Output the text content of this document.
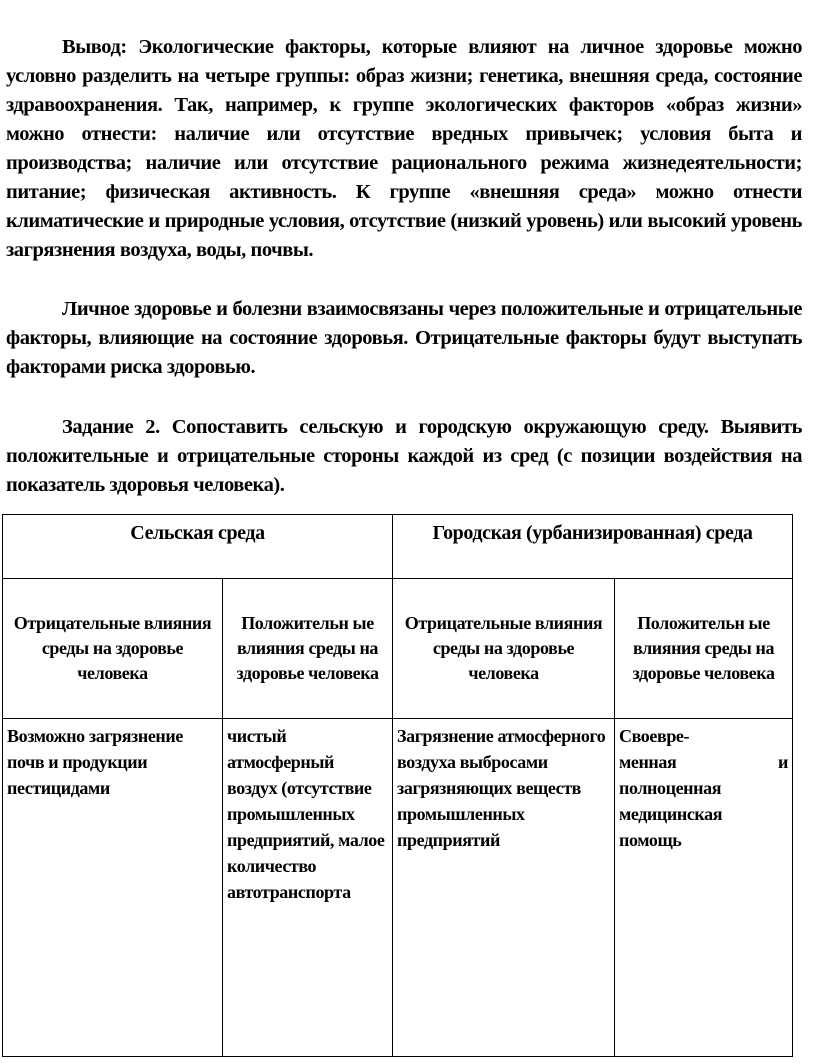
Вывод: Экологические факторы, которые влияют на личное здоровье можно условно разделить на четыре группы: образ жизни; генетика, внешняя среда, состояние здравоохранения. Так, например, к группе экологических факторов «образ жизни» можно отнести: наличие или отсутствие вредных привычек; условия быта и производства; наличие или отсутствие рационального режима жизнедеятельности; питание; физическая активность. К группе «внешняя среда» можно отнести климатические и природные условия, отсутствие (низкий уровень) или высокий уровень загрязнения воздуха, воды, почвы.

Личное здоровье и болезни взаимосвязаны через положительные и отрицательные факторы, влияющие на состояние здоровья. Отрицательные факторы будут выступать факторами риска здоровью.

Задание 2. Сопоставить сельскую и городскую окружающую среду. Выявить положительные и отрицательные стороны каждой из сред (с позиции воздействия на показатель здоровья человека).

Сельская среда		Городская (урбанизированная) среда	
Отрицательные влияния среды на здоровье человека	Положительн ые влияния среды на здоровье человека	Отрицательные влияния среды на здоровье человека	Положительн ые влияния среды на здоровье человека
Возможно загрязнение почв и продукции пестицидами	чистый атмосферный воздух (отсутствие промышленных предприятий, малое количество автотранспорта	Загрязнение атмосферного воздуха выбросами загрязняющих веществ промышленных предприятий	Своевре-
менная и
полноценная медицинская помощь
